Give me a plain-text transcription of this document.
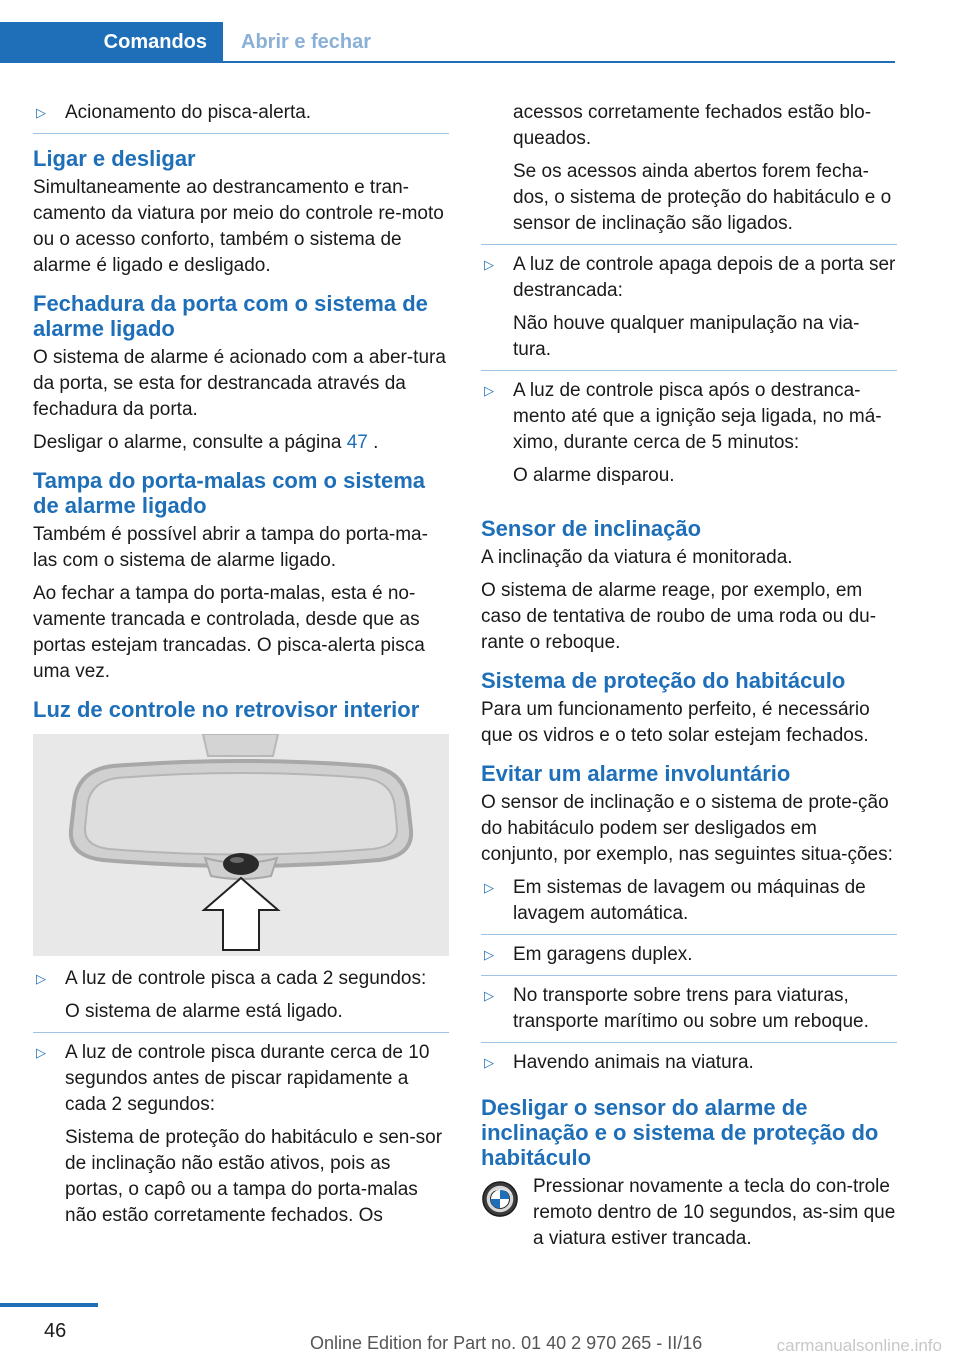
Comandos	Abrir e fechar
▷ Acionamento do pisca-alerta.

Ligar e desligar

Simultaneamente ao destrancamento e tran-camento da viatura por meio do controle re-moto ou o acesso conforto, também o sistema de alarme é ligado e desligado.

Fechadura da porta com o sistema de alarme ligado

O sistema de alarme é acionado com a aber-tura da porta, se esta for destrancada através da fechadura da porta.

Desligar o alarme, consulte a página 47 .

Tampa do porta-malas com o sistema de alarme ligado

Também é possível abrir a tampa do porta-ma-las com o sistema de alarme ligado.

Ao fechar a tampa do porta-malas, esta é no-vamente trancada e controlada, desde que as portas estejam trancadas. O pisca-alerta pisca uma vez.

Luz de controle no retrovisor interior
▷ A luz de controle pisca a cada 2 segundos:

O sistema de alarme está ligado.

▷ A luz de controle pisca durante cerca de 10 segundos antes de piscar rapidamente a cada 2 segundos:

Sistema de proteção do habitáculo e sen-sor de inclinação não estão ativos, pois as portas, o capô ou a tampa do porta-malas não estão corretamente fechados. Os

acessos corretamente fechados estão blo-queados.

Se os acessos ainda abertos forem fecha-dos, o sistema de proteção do habitáculo e o sensor de inclinação são ligados.

▷ A luz de controle apaga depois de a porta ser destrancada:

Não houve qualquer manipulação na via-tura.

▷ A luz de controle pisca após o destranca-mento até que a ignição seja ligada, no má-ximo, durante cerca de 5 minutos:

O alarme disparou.

Sensor de inclinação

A inclinação da viatura é monitorada.

O sistema de alarme reage, por exemplo, em caso de tentativa de roubo de uma roda ou du-rante o reboque.

Sistema de proteção do habitáculo

Para um funcionamento perfeito, é necessário que os vidros e o teto solar estejam fechados.

Evitar um alarme involuntário

O sensor de inclinação e o sistema de prote-ção do habitáculo podem ser desligados em conjunto, por exemplo, nas seguintes situa-ções:

▷ Em sistemas de lavagem ou máquinas de lavagem automática.

▷ Em garagens duplex.

▷ No transporte sobre trens para viaturas, transporte marítimo ou sobre um reboque.

▷ Havendo animais na viatura.

Desligar o sensor do alarme de inclinação e o sistema de proteção do habitáculo

Pressionar novamente a tecla do con-trole remoto dentro de 10 segundos, as-sim que a viatura estiver trancada.

46
Online Edition for Part no. 01 40 2 970 265 - II/16	carmanualsonline.info
